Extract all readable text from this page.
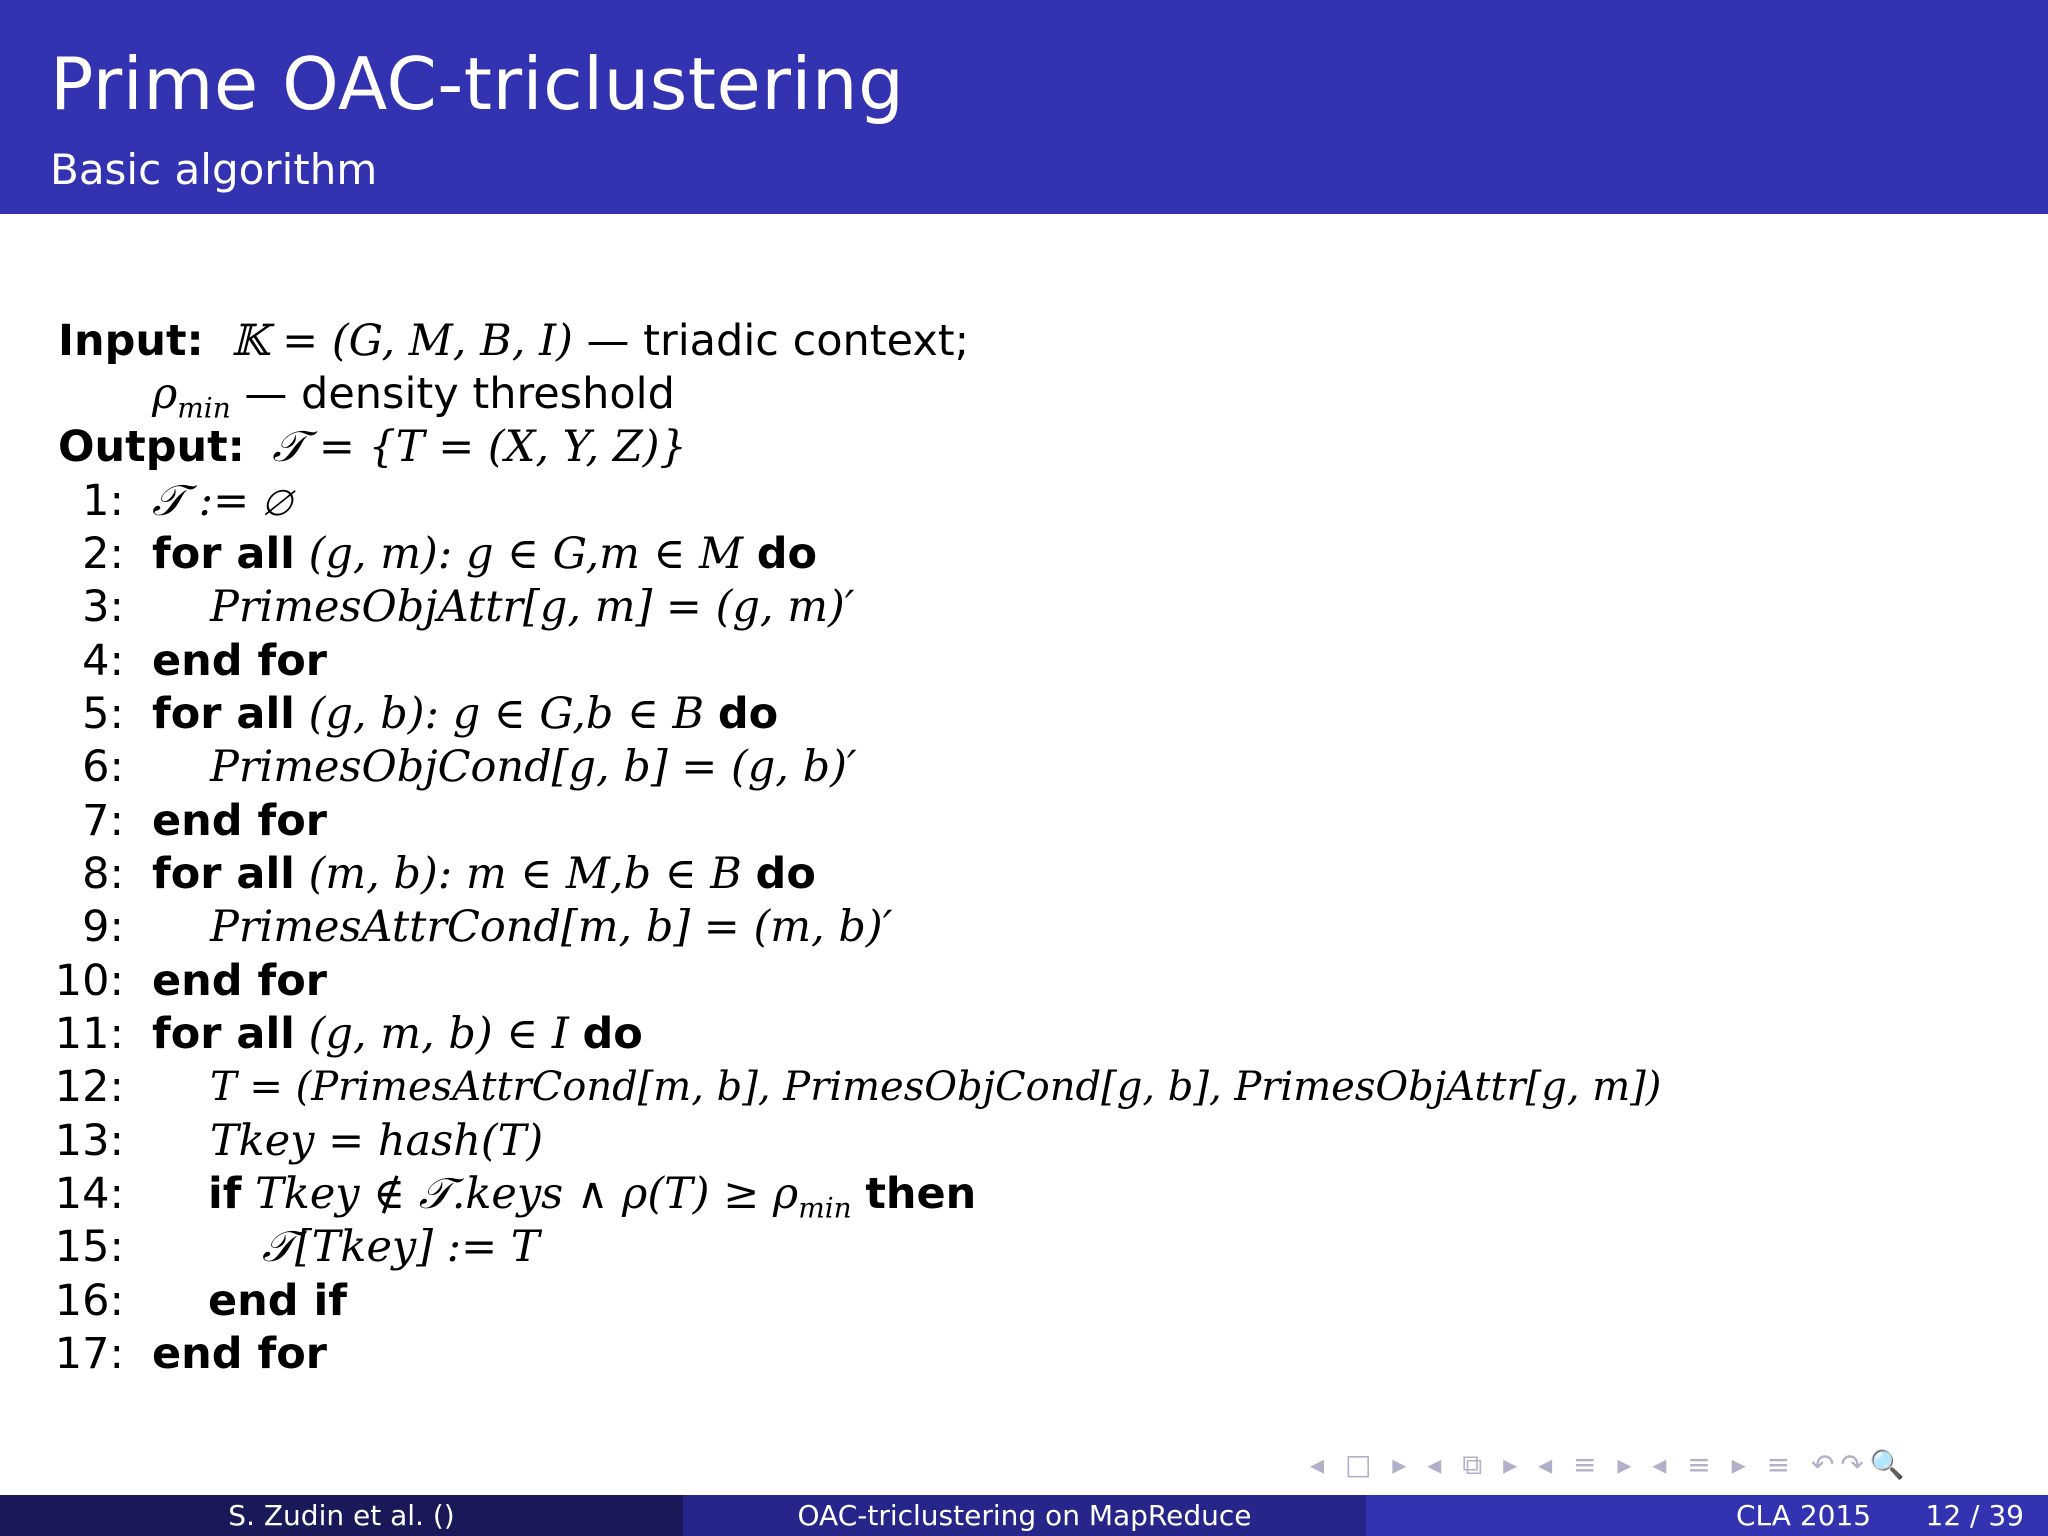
Prime OAC-triclustering
Basic algorithm
Input: 𝕂 = (G, M, B, I) — triadic context;
$\rho_{min}$ — density threshold
Output: 𝒯 = {T = (X, Y, Z)}
1: 𝒯 := ∅
2: for all (g, m): g ∈ G,m ∈ M do
3: PrimesObjAttr[g, m] = (g, m)′
4: end for
5: for all (g, b): g ∈ G,b ∈ B do
6: PrimesObjCond[g, b] = (g, b)′
7: end for
8: for all (m, b): m ∈ M,b ∈ B do
9: PrimesAttrCond[m, b] = (m, b)′
10: end for
11: for all (g, m, b) ∈ I do
12: T = (PrimesAttrCond[m, b], PrimesObjCond[g, b], PrimesObjAttr[g, m])
13: Tkey = hash(T)
14: if Tkey ∉ 𝒯.keys ∧ $\rho(T) \ge \rho_{min}$ then
15:	𝒯[Tkey] := T
16: end if
17: end for
◂ □ ▸ ◂ ⧉ ▸ ◂ ≡ ▸ ◂ ≡ ▸ ≡ ↶↷🔍
S. Zudin et al. ()	OAC-triclustering on MapReduce	CLA 2015 12 / 39
